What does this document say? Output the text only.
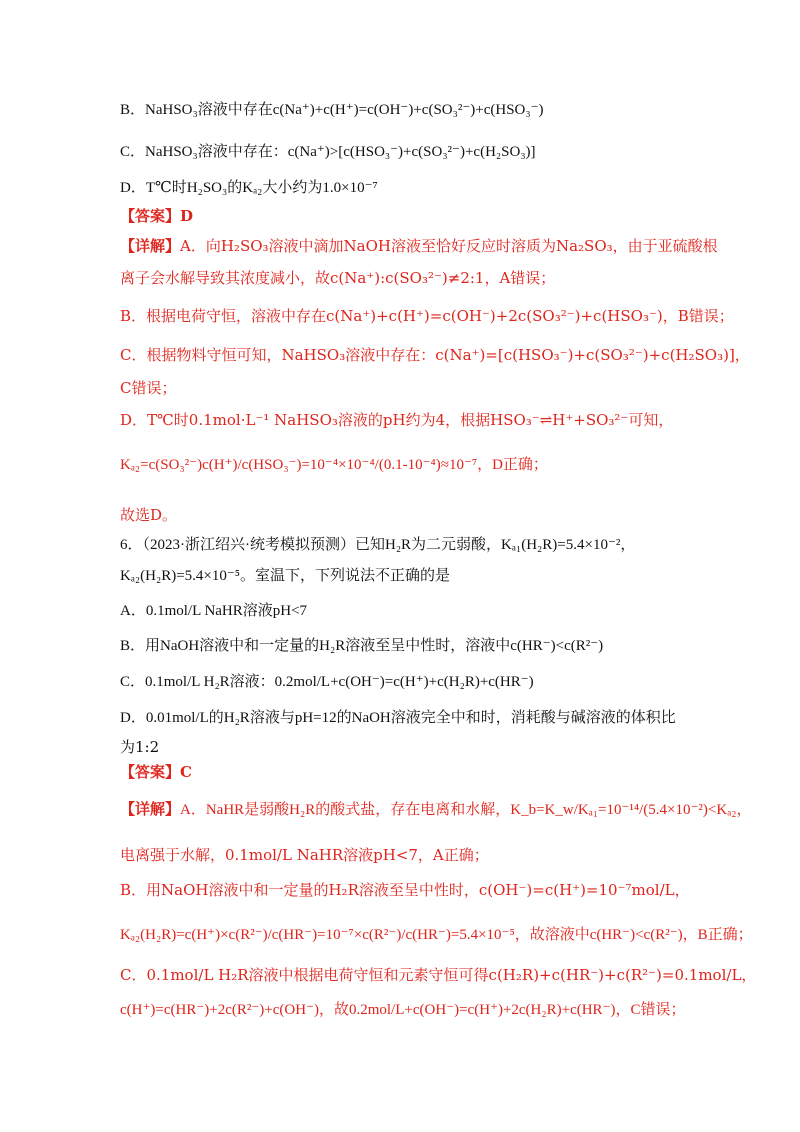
B．NaHSO₃溶液中存在c(Na⁺)+c(H⁺)=c(OH⁻)+c(SO₃²⁻)+c(HSO₃⁻)
C．NaHSO₃溶液中存在：c(Na⁺)>[c(HSO₃⁻)+c(SO₃²⁻)+c(H₂SO₃)]
D．T℃时H₂SO₃的Kₐ₂大小约为1.0×10⁻⁷
【答案】D
【详解】A．向H₂SO₃溶液中滴加NaOH溶液至恰好反应时溶质为Na₂SO₃，由于亚硫酸根
离子会水解导致其浓度减小，故c(Na⁺):c(SO₃²⁻)≠2:1，A错误；
B．根据电荷守恒，溶液中存在c(Na⁺)+c(H⁺)=c(OH⁻)+2c(SO₃²⁻)+c(HSO₃⁻)，B错误；
C．根据物料守恒可知，NaHSO₃溶液中存在：c(Na⁺)=[c(HSO₃⁻)+c(SO₃²⁻)+c(H₂SO₃)]，
C错误；
D．T℃时0.1mol·L⁻¹ NaHSO₃溶液的pH约为4，根据HSO₃⁻⇌H⁺+SO₃²⁻可知，
Kₐ₂=c(SO₃²⁻)c(H⁺)/c(HSO₃⁻)=10⁻⁴×10⁻⁴/(0.1-10⁻⁴)≈10⁻⁷，D正确；
故选D。
6．（2023·浙江绍兴·统考模拟预测）已知H₂R为二元弱酸，Kₐ₁(H₂R)=5.4×10⁻²，
Kₐ₂(H₂R)=5.4×10⁻⁵。室温下，下列说法不正确的是
A．0.1mol/L NaHR溶液pH<7
B．用NaOH溶液中和一定量的H₂R溶液至呈中性时，溶液中c(HR⁻)<c(R²⁻)
C．0.1mol/L H₂R溶液：0.2mol/L+c(OH⁻)=c(H⁺)+c(H₂R)+c(HR⁻)
D．0.01mol/L的H₂R溶液与pH=12的NaOH溶液完全中和时，消耗酸与碱溶液的体积比
为1:2
【答案】C
【详解】A．NaHR是弱酸H₂R的酸式盐，存在电离和水解，K_b=K_w/Kₐ₁=10⁻¹⁴/(5.4×10⁻²)<Kₐ₂，
电离强于水解，0.1mol/L NaHR溶液pH<7，A正确；
B．用NaOH溶液中和一定量的H₂R溶液至呈中性时，c(OH⁻)=c(H⁺)=10⁻⁷mol/L，
Kₐ₂(H₂R)=c(H⁺)×c(R²⁻)/c(HR⁻)=10⁻⁷×c(R²⁻)/c(HR⁻)=5.4×10⁻⁵，故溶液中c(HR⁻)<c(R²⁻)，B正确；
C．0.1mol/L H₂R溶液中根据电荷守恒和元素守恒可得c(H₂R)+c(HR⁻)+c(R²⁻)=0.1mol/L，
c(H⁺)=c(HR⁻)+2c(R²⁻)+c(OH⁻)，故0.2mol/L+c(OH⁻)=c(H⁺)+2c(H₂R)+c(HR⁻)，C错误；
